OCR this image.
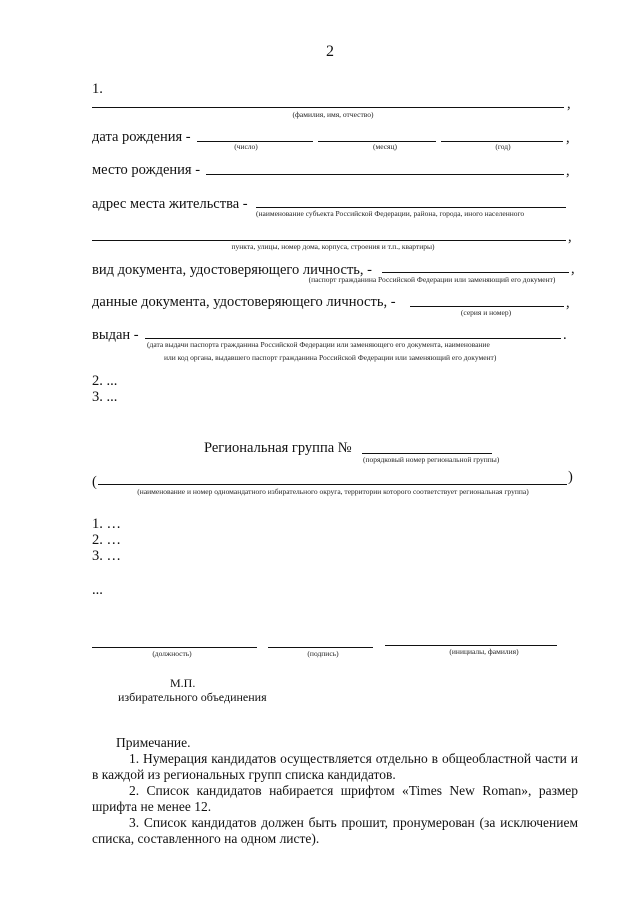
2
1.
,
(фамилия, имя, отчество)
дата рождения -	,
(число)	(месяц)	(год)
место рождения -	,
адрес места жительства -
(наименование субъекта Российской Федерации, района, города, иного населенного
,
пункта, улицы, номер дома, корпуса, строения и т.п., квартиры)
вид документа, удостоверяющего личность, -	,
(паспорт гражданина Российской Федерации или заменяющий его документ)
данные документа, удостоверяющего личность, -	,
(серия и номер)
выдан -	.
(дата выдачи паспорта гражданина Российской Федерации или заменяющего его документа, наименование
или код органа, выдавшего паспорт гражданина Российской Федерации или заменяющий его документ)
2. ...
3. ...
Региональная группа №
(порядковый номер региональной группы)
(	)
(наименование и номер одномандатного избирательного округа, территории которого соответствует региональная группа)
1. …
2. …
3. …
...
(должность)	(подпись)	(инициалы, фамилия)
М.П.
избирательного объединения
Примечание.
1. Нумерация кандидатов осуществляется отдельно в общеобластной части и в каждой из региональных групп списка кандидатов.
2. Список кандидатов набирается шрифтом «Times New Roman», размер шрифта не менее 12.
3. Список кандидатов должен быть прошит, пронумерован (за исключением списка, составленного на одном листе).
